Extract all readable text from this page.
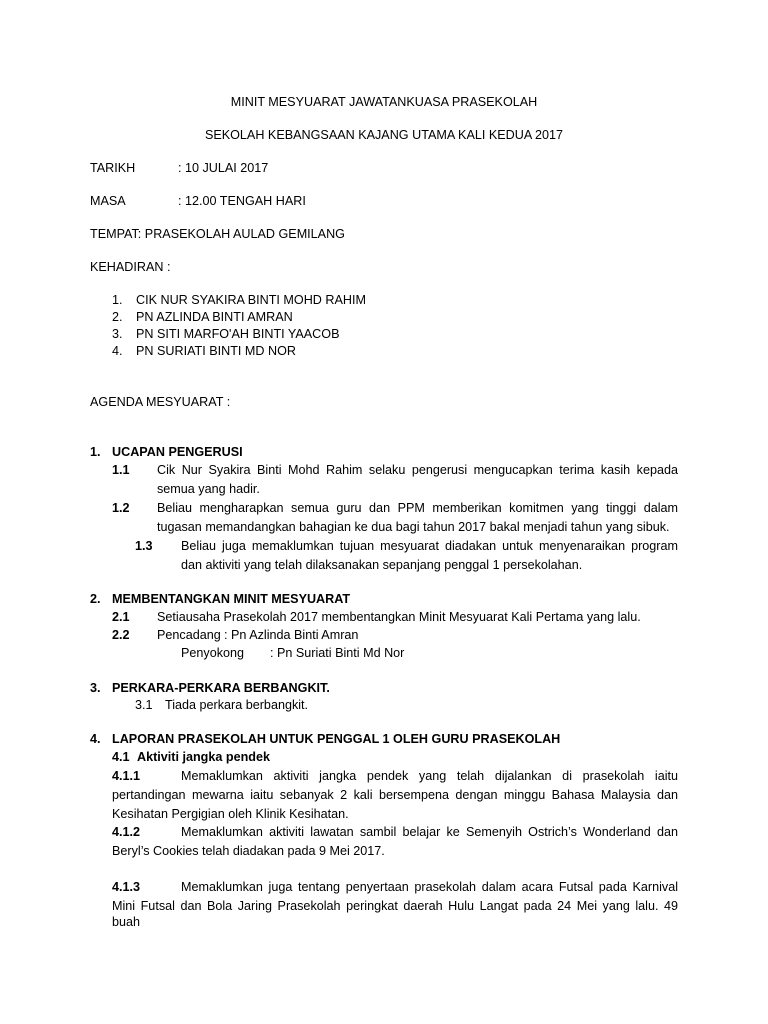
MINIT MESYUARAT JAWATANKUASA PRASEKOLAH
SEKOLAH KEBANGSAAN KAJANG UTAMA KALI KEDUA 2017
TARIKH	: 10 JULAI 2017
MASA	: 12.00 TENGAH HARI
TEMPAT: PRASEKOLAH AULAD GEMILANG
KEHADIRAN :
1. CIK NUR SYAKIRA BINTI MOHD RAHIM
2. PN AZLINDA BINTI AMRAN
3. PN SITI MARFO'AH BINTI YAACOB
4. PN SURIATI BINTI MD NOR
AGENDA MESYUARAT :
1. UCAPAN PENGERUSI
1.1 Cik Nur Syakira Binti Mohd Rahim selaku pengerusi mengucapkan terima kasih kepada
semua yang hadir.
1.2 Beliau mengharapkan semua guru dan PPM memberikan komitmen yang tinggi dalam
tugasan memandangkan bahagian ke dua bagi tahun 2017 bakal menjadi tahun yang sibuk.
1.3 Beliau juga memaklumkan tujuan mesyuarat diadakan untuk menyenaraikan program
dan aktiviti yang telah dilaksanakan sepanjang penggal 1 persekolahan.
2. MEMBENTANGKAN MINIT MESYUARAT
2.1 Setiausaha Prasekolah 2017 membentangkan Minit Mesyuarat Kali Pertama yang lalu.
2.2 Pencadang : Pn Azlinda Binti Amran
Penyokong : Pn Suriati Binti Md Nor
3. PERKARA-PERKARA BERBANGKIT.
3.1 Tiada perkara berbangkit.
4. LAPORAN PRASEKOLAH UNTUK PENGGAL 1 OLEH GURU PRASEKOLAH
4.1 Aktiviti jangka pendek
4.1.1	Memaklumkan aktiviti jangka pendek yang telah dijalankan di prasekolah iaitu
pertandingan mewarna iaitu sebanyak 2 kali bersempena dengan minggu Bahasa Malaysia dan
Kesihatan Pergigian oleh Klinik Kesihatan.
4.1.2	Memaklumkan aktiviti lawatan sambil belajar ke Semenyih Ostrich’s Wonderland dan
Beryl’s Cookies telah diadakan pada 9 Mei 2017.
4.1.3	Memaklumkan juga tentang penyertaan prasekolah dalam acara Futsal pada Karnival
Mini Futsal dan Bola Jaring Prasekolah peringkat daerah Hulu Langat pada 24 Mei yang lalu. 49 buah
